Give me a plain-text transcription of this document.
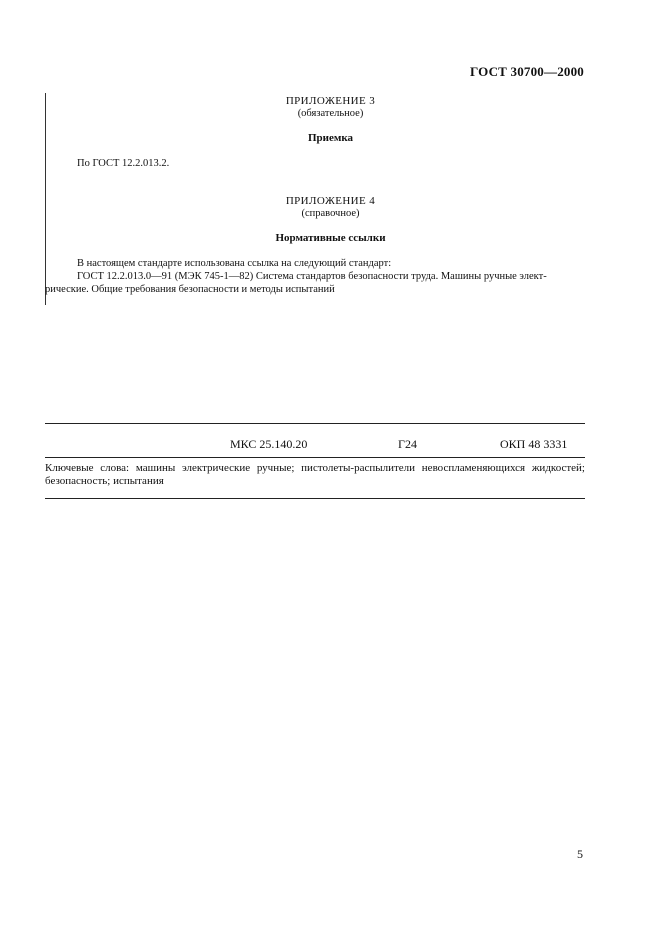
ГОСТ 30700—2000
ПРИЛОЖЕНИЕ 3
(обязательное)
Приемка
По ГОСТ 12.2.013.2.
ПРИЛОЖЕНИЕ 4
(справочное)
Нормативные ссылки
В настоящем стандарте использована ссылка на следующий стандарт:
ГОСТ 12.2.013.0—91 (МЭК 745-1—82) Система стандартов безопасности труда. Машины ручные элект-
рические. Общие требования безопасности и методы испытаний
МКС 25.140.20	Г24	ОКП 48 3331
Ключевые слова: машины электрические ручные; пистолеты-распылители невоспламеняющихся жидкостей; безопасность; испытания
5
